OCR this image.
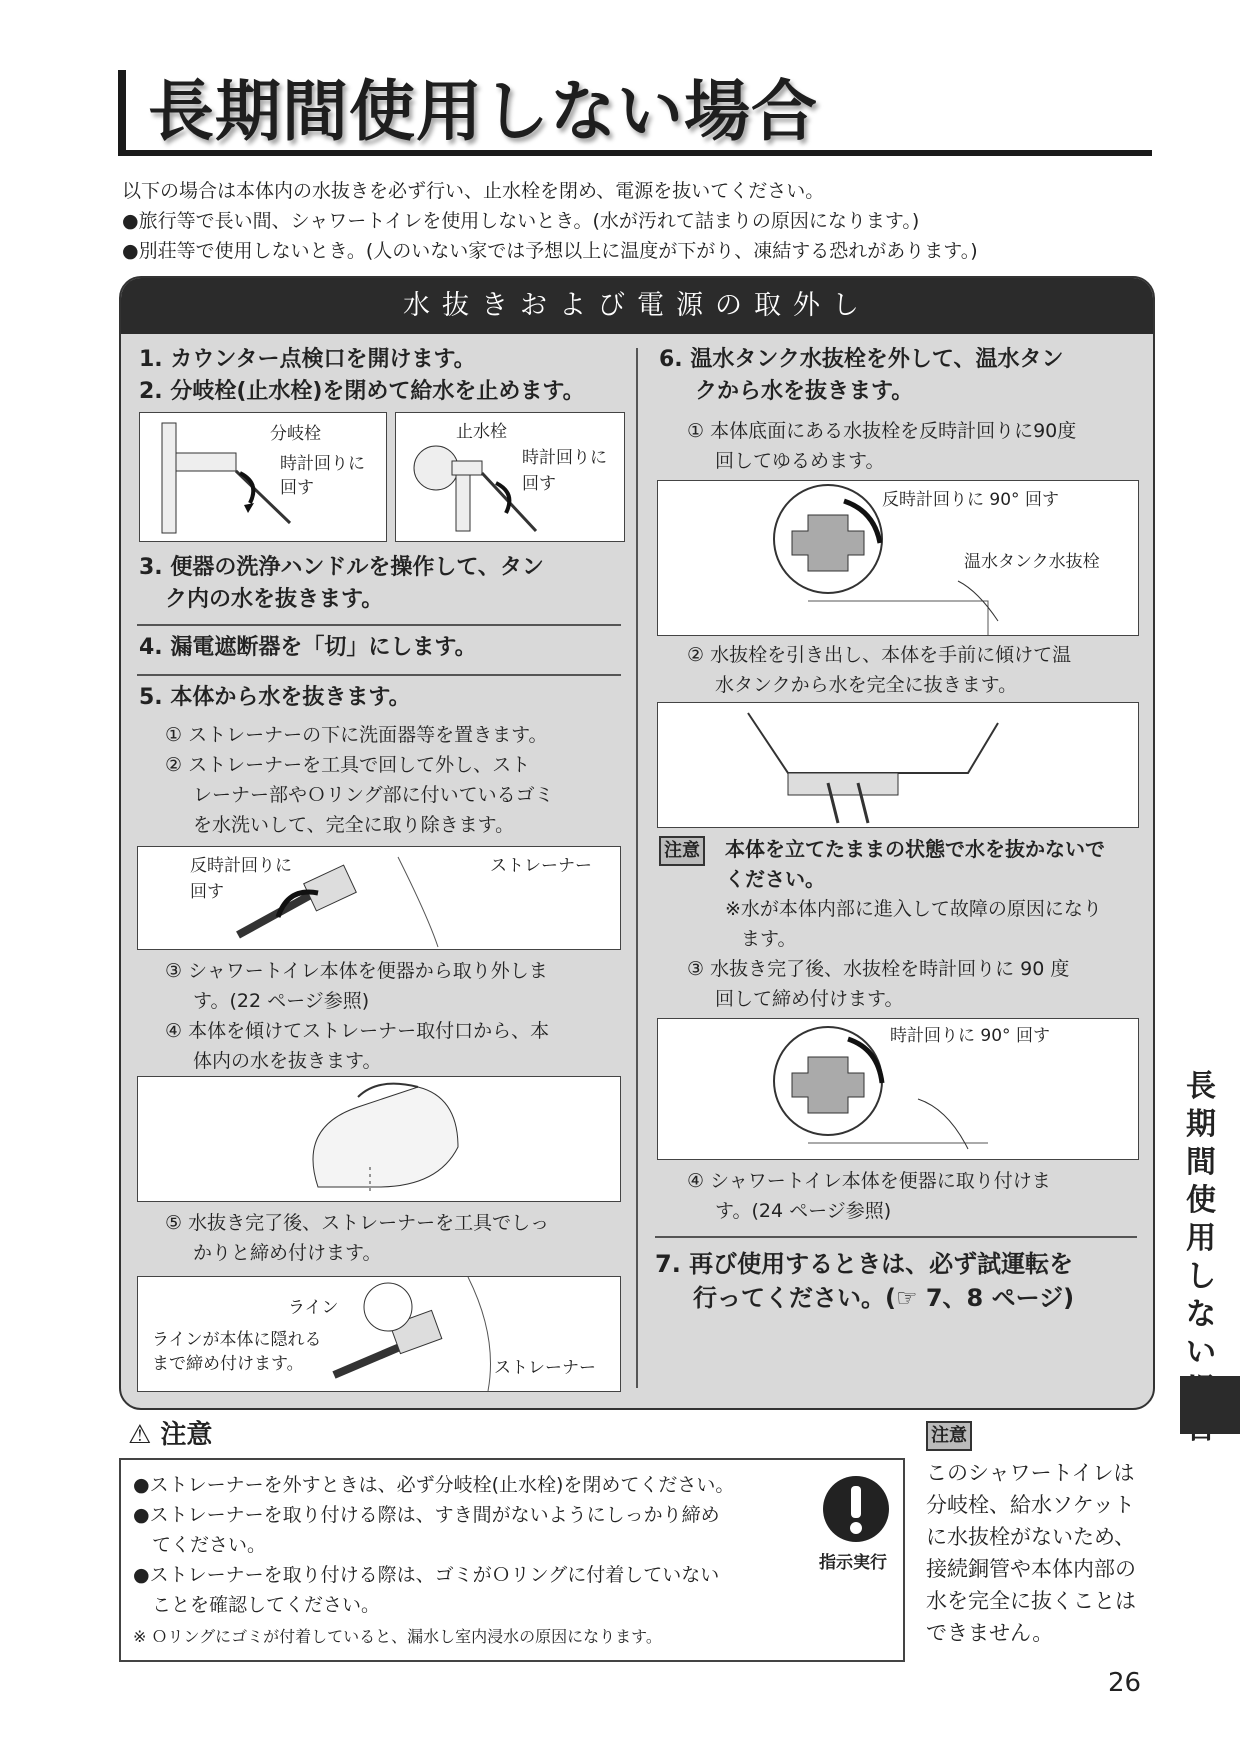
長期間使用しない場合
以下の場合は本体内の水抜きを必ず行い、止水栓を閉め、電源を抜いてください。
●旅行等で長い間、シャワートイレを使用しないとき。(水が汚れて詰まりの原因になります。)
●別荘等で使用しないとき。(人のいない家では予想以上に温度が下がり、凍結する恐れがあります。)
水抜きおよび電源の取外し
1. カウンター点検口を開けます。
2. 分岐栓(止水栓)を閉めて給水を止めます。
分岐栓
時計回りに
回す
止水栓
時計回りに
回す
3. 便器の洗浄ハンドルを操作して、タン
ク内の水を抜きます。
4. 漏電遮断器を「切」にします。
5. 本体から水を抜きます。
① ストレーナーの下に洗面器等を置きます。
② ストレーナーを工具で回して外し、スト
レーナー部やＯリング部に付いているゴミ
を水洗いして、完全に取り除きます。
反時計回りに
回す
ストレーナー
③ シャワートイレ本体を便器から取り外しま
す。(22 ページ参照)
④ 本体を傾けてストレーナー取付口から、本
体内の水を抜きます。
⑤ 水抜き完了後、ストレーナーを工具でしっ
かりと締め付けます。
ライン
ラインが本体に隠れる
まで締め付けます。	ストレーナー
6. 温水タンク水抜栓を外して、温水タン
クから水を抜きます。
① 本体底面にある水抜栓を反時計回りに90度
回してゆるめます。
反時計回りに 90° 回す
温水タンク水抜栓
② 水抜栓を引き出し、本体を手前に傾けて温
水タンクから水を完全に抜きます。
注意 本体を立てたままの状態で水を抜かないで
ください。
※水が本体内部に進入して故障の原因になり
ます。
③ 水抜き完了後、水抜栓を時計回りに 90 度
回して締め付けます。
時計回りに 90° 回す
④ シャワートイレ本体を便器に取り付けま
す。(24 ページ参照)
7. 再び使用するときは、必ず試運転を
行ってください。(☞ 7、8 ページ)
⚠ 注意
●ストレーナーを外すときは、必ず分岐栓(止水栓)を閉めてください。
●ストレーナーを取り付ける際は、すき間がないようにしっかり締め
　てください。
●ストレーナーを取り付ける際は、ゴミがＯリングに付着していない
　ことを確認してください。
※ Ｏリングにゴミが付着していると、漏水し室内浸水の原因になります。
指示実行
注意
このシャワートイレは
分岐栓、給水ソケット
に水抜栓がないため、
接続銅管や本体内部の
水を完全に抜くことは
できません。
長期間使用しない
26
